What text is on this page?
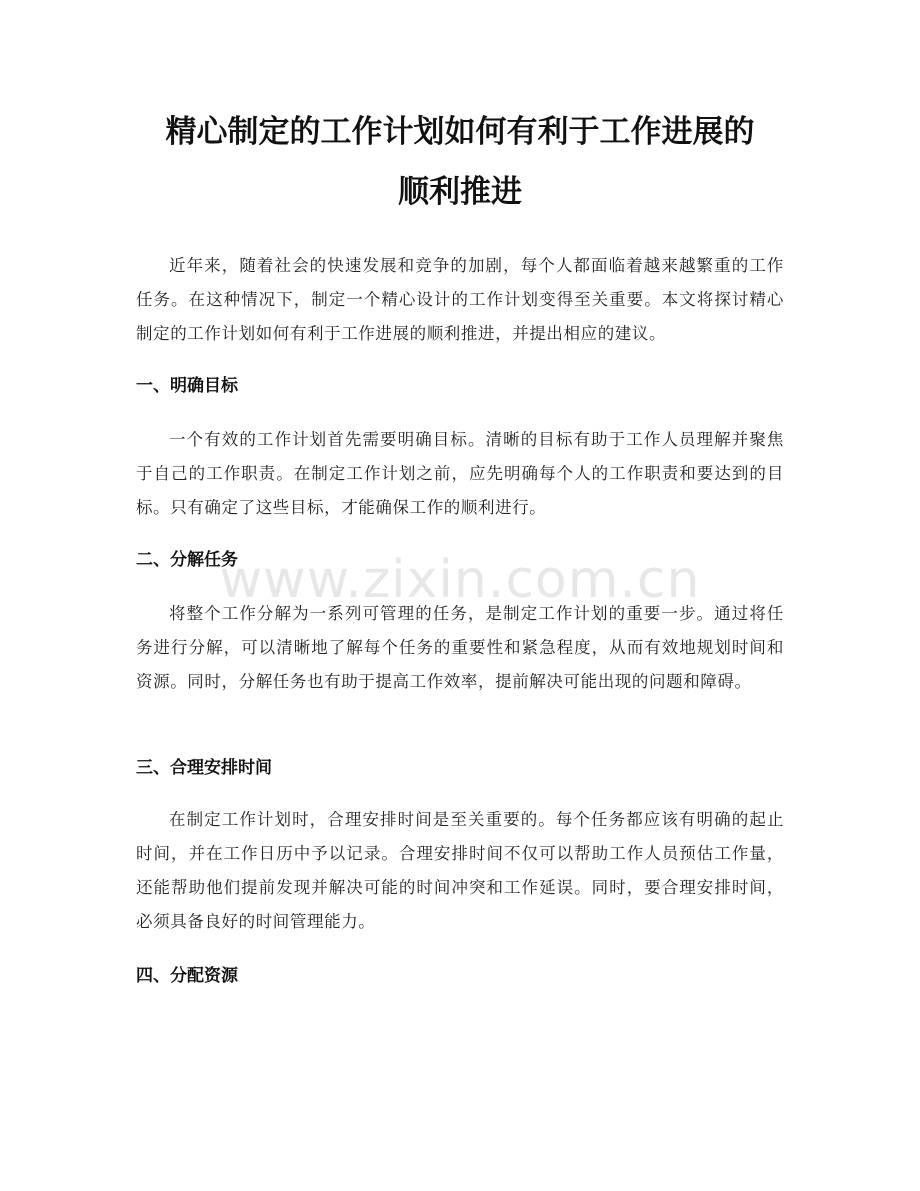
精心制定的工作计划如何有利于工作进展的
顺利推进

近年来，随着社会的快速发展和竞争的加剧，每个人都面临着越来越繁重的工作任务。在这种情况下，制定一个精心设计的工作计划变得至关重要。本文将探讨精心制定的工作计划如何有利于工作进展的顺利推进，并提出相应的建议。

一、明确目标

一个有效的工作计划首先需要明确目标。清晰的目标有助于工作人员理解并聚焦于自己的工作职责。在制定工作计划之前，应先明确每个人的工作职责和要达到的目标。只有确定了这些目标，才能确保工作的顺利进行。

二、分解任务

将整个工作分解为一系列可管理的任务，是制定工作计划的重要一步。通过将任务进行分解，可以清晰地了解每个任务的重要性和紧急程度，从而有效地规划时间和资源。同时，分解任务也有助于提高工作效率，提前解决可能出现的问题和障碍。

三、合理安排时间

在制定工作计划时，合理安排时间是至关重要的。每个任务都应该有明确的起止时间，并在工作日历中予以记录。合理安排时间不仅可以帮助工作人员预估工作量，还能帮助他们提前发现并解决可能的时间冲突和工作延误。同时，要合理安排时间，必须具备良好的时间管理能力。

四、分配资源
www.zixin.com.cn
